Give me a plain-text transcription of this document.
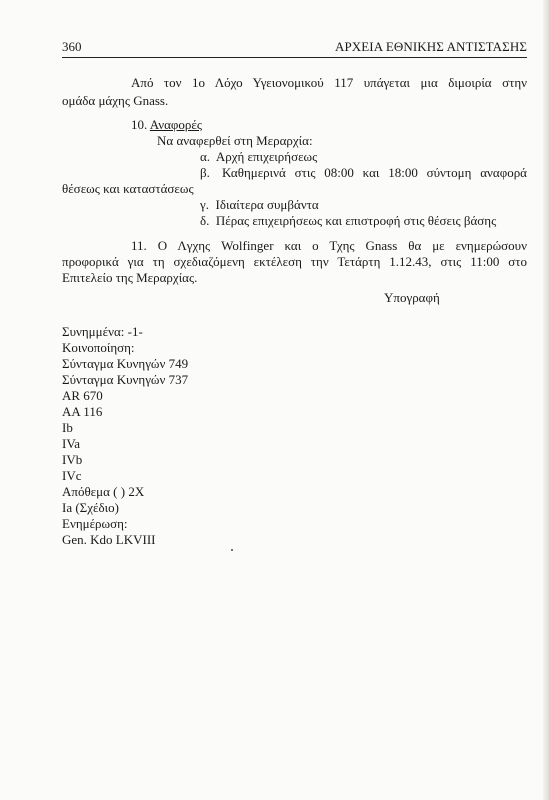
360	ΑΡΧΕΙΑ ΕΘΝΙΚΗΣ ΑΝΤΙΣΤΑΣΗΣ
Από τον 1ο Λόχο Υγειονομικού 117 υπάγεται μια διμοιρία στην
ομάδα μάχης Gnass.
10. Αναφορές
Να αναφερθεί στη Μεραρχία:
α. Αρχή επιχειρήσεως
β. Καθημερινά στις 08:00 και 18:00 σύντομη αναφορά
θέσεως και καταστάσεως
γ. Ιδιαίτερα συμβάντα
δ. Πέρας επιχειρήσεως και επιστροφή στις θέσεις βάσης
11. Ο Λγχης Wolfinger και ο Τχης Gnass θα με ενημερώσουν
προφορικά για τη σχεδιαζόμενη εκτέλεση την Τετάρτη 1.12.43, στις 11:00 στο
Επιτελείο της Μεραρχίας.
Υπογραφή
Συνημμένα: -1-
Κοινοποίηση:
Σύνταγμα Κυνηγών 749
Σύνταγμα Κυνηγών 737
AR 670
AA 116
Ib
IVa
IVb
IVc
Απόθεμα ( ) 2Χ
Ia (Σχέδιο)
Ενημέρωση:
Gen. Kdo LKVIII
